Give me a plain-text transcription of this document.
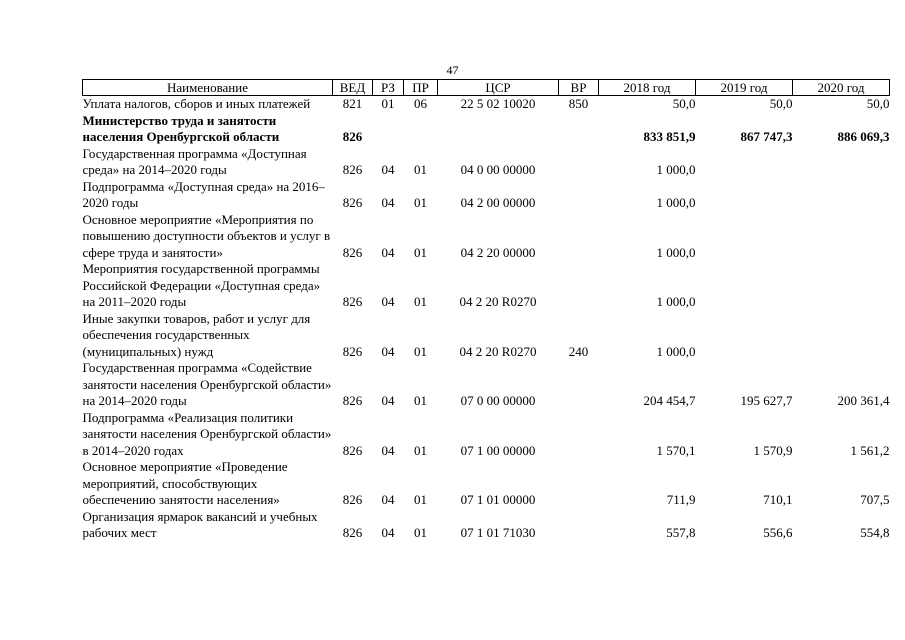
47
Наименование	ВЕД	РЗ	ПР	ЦСР	ВР	2018 год	2019 год	2020 год
Уплата налогов, сборов и иных платежей	821	01	06	22 5 02 10020	850	50,0	50,0	50,0
Министерство труда и занятости населения Оренбургской области	826					833 851,9	867 747,3	886 069,3
Государственная программа «Доступная среда» на 2014–2020 годы	826	04	01	04 0 00 00000		1 000,0		
Подпрограмма «Доступная среда» на 2016–2020 годы	826	04	01	04 2 00 00000		1 000,0		
Основное мероприятие «Мероприятия по повышению доступности объектов и услуг в сфере труда и занятости»	826	04	01	04 2 20 00000		1 000,0		
Мероприятия государственной программы Российской Федерации «Доступная среда» на 2011–2020 годы	826	04	01	04 2 20 R0270		1 000,0		
Иные закупки товаров, работ и услуг для обеспечения государственных (муниципальных) нужд	826	04	01	04 2 20 R0270	240	1 000,0		
Государственная программа «Содействие занятости населения Оренбургской области» на 2014–2020 годы	826	04	01	07 0 00 00000		204 454,7	195 627,7	200 361,4
Подпрограмма «Реализация политики занятости населения Оренбургской области» в 2014–2020 годах	826	04	01	07 1 00 00000		1 570,1	1 570,9	1 561,2
Основное мероприятие «Проведение мероприятий, способствующих обеспечению занятости населения»	826	04	01	07 1 01 00000		711,9	710,1	707,5
Организация ярмарок вакансий и учебных рабочих мест	826	04	01	07 1 01 71030		557,8	556,6	554,8
